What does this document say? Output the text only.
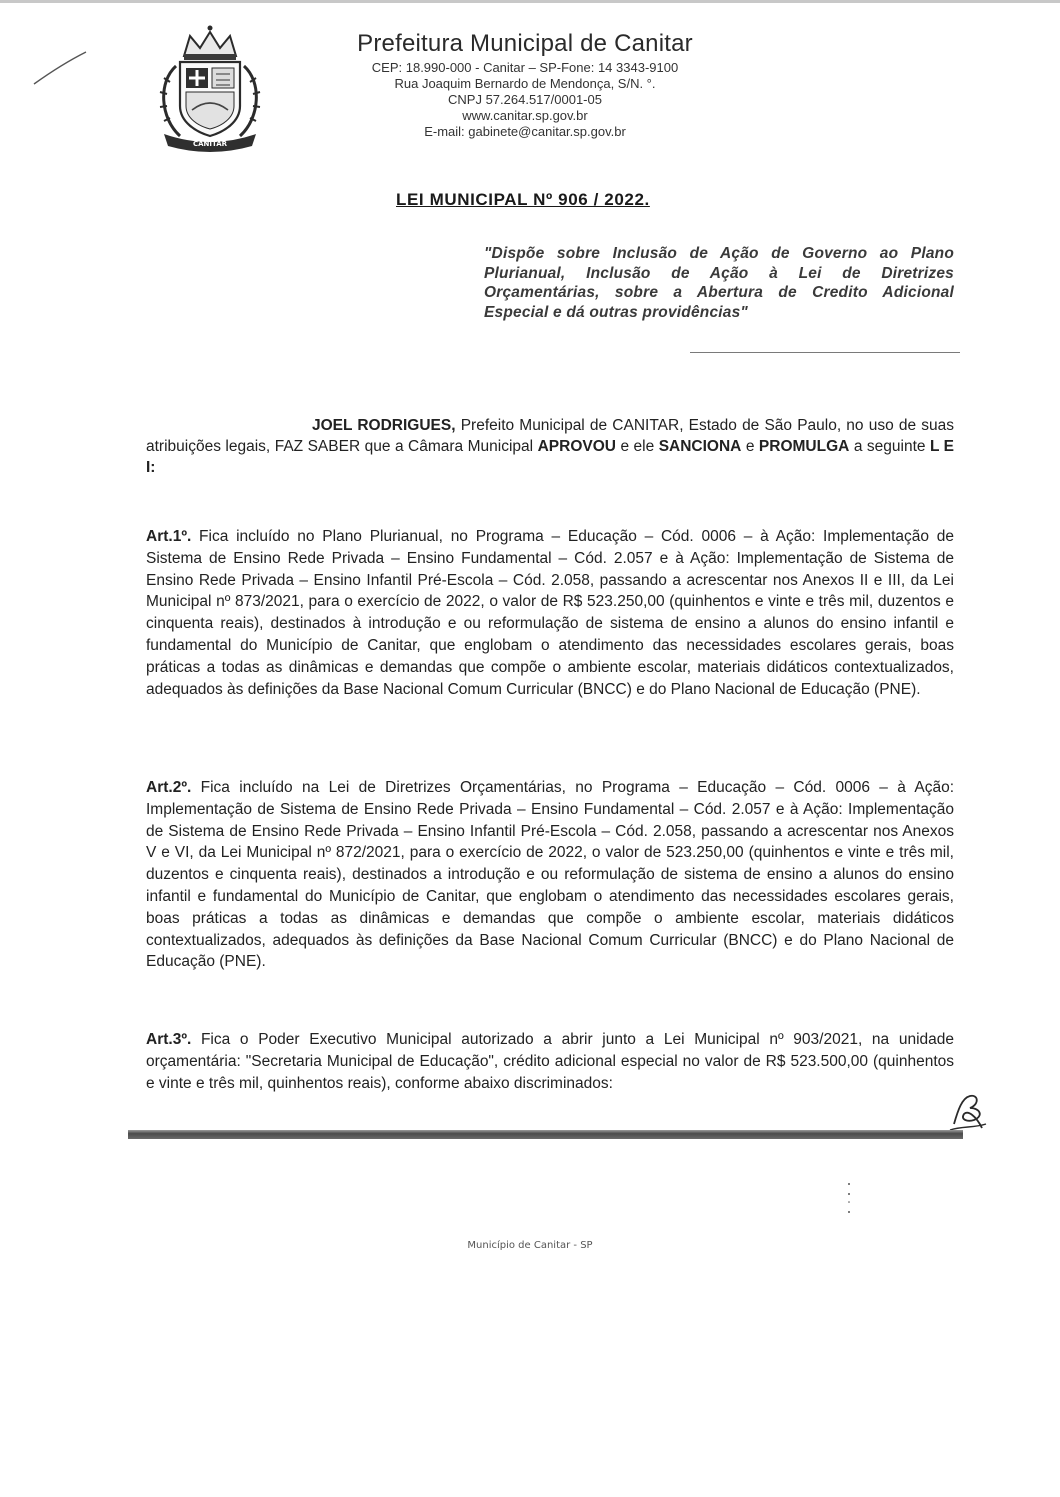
CANITAR
Prefeitura Municipal de Canitar
CEP: 18.990-000 - Canitar – SP-Fone: 14 3343-9100
Rua Joaquim Bernardo de Mendonça, S/N. °.
CNPJ 57.264.517/0001-05
www.canitar.sp.gov.br
E-mail: gabinete@canitar.sp.gov.br
LEI MUNICIPAL Nº 906 / 2022.
"Dispõe sobre Inclusão de Ação de Governo ao Plano Plurianual, Inclusão de Ação à Lei de Diretrizes Orçamentárias, sobre a Abertura de Credito Adicional Especial e dá outras providências"
JOEL RODRIGUES, Prefeito Municipal de CANITAR, Estado de São Paulo, no uso de suas atribuições legais, FAZ SABER que a Câmara Municipal APROVOU e ele SANCIONA e PROMULGA a seguinte L E I:

Art.1º. Fica incluído no Plano Plurianual, no Programa – Educação – Cód. 0006 – à Ação: Implementação de Sistema de Ensino Rede Privada – Ensino Fundamental – Cód. 2.057 e à Ação: Implementação de Sistema de Ensino Rede Privada – Ensino Infantil Pré-Escola – Cód. 2.058, passando a acrescentar nos Anexos II e III, da Lei Municipal nº 873/2021, para o exercício de 2022, o valor de R$ 523.250,00 (quinhentos e vinte e três mil, duzentos e cinquenta reais), destinados à introdução e ou reformulação de sistema de ensino a alunos do ensino infantil e fundamental do Município de Canitar, que englobam o atendimento das necessidades escolares gerais, boas práticas a todas as dinâmicas e demandas que compõe o ambiente escolar, materiais didáticos contextualizados, adequados às definições da Base Nacional Comum Curricular (BNCC) e do Plano Nacional de Educação (PNE).

Art.2º. Fica incluído na Lei de Diretrizes Orçamentárias, no Programa – Educação – Cód. 0006 – à Ação: Implementação de Sistema de Ensino Rede Privada – Ensino Fundamental – Cód. 2.057 e à Ação: Implementação de Sistema de Ensino Rede Privada – Ensino Infantil Pré-Escola – Cód. 2.058, passando a acrescentar nos Anexos V e VI, da Lei Municipal nº 872/2021, para o exercício de 2022, o valor de 523.250,00 (quinhentos e vinte e três mil, duzentos e cinquenta reais), destinados a introdução e ou reformulação de sistema de ensino a alunos do ensino infantil e fundamental do Município de Canitar, que englobam o atendimento das necessidades escolares gerais, boas práticas a todas as dinâmicas e demandas que compõe o ambiente escolar, materiais didáticos contextualizados, adequados às definições da Base Nacional Comum Curricular (BNCC) e do Plano Nacional de Educação (PNE).

Art.3º. Fica o Poder Executivo Municipal autorizado a abrir junto a Lei Municipal nº 903/2021, na unidade orçamentária: "Secretaria Municipal de Educação", crédito adicional especial no valor de R$ 523.500,00 (quinhentos e vinte e três mil, quinhentos reais), conforme abaixo discriminados:

Município de Canitar - SP
